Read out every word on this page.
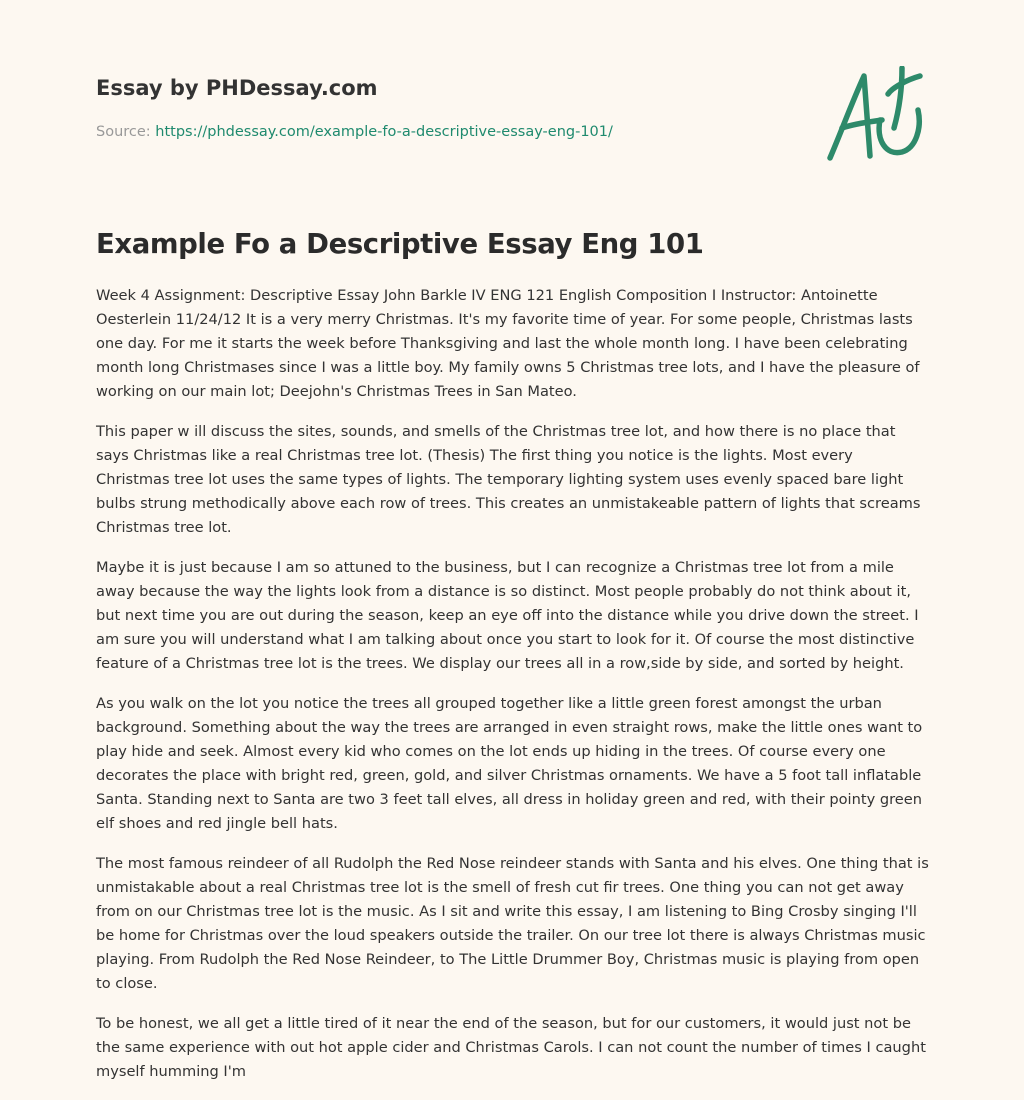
Essay by PHDessay.com
Source: https://phdessay.com/example-fo-a-descriptive-essay-eng-101/
Example Fo a Descriptive Essay Eng 101

Week 4 Assignment: Descriptive Essay John Barkle IV ENG 121 English Composition I Instructor: Antoinette Oesterlein 11/24/12 It is a very merry Christmas. It's my favorite time of year. For some people, Christmas lasts one day. For me it starts the week before Thanksgiving and last the whole month long. I have been celebrating month long Christmases since I was a little boy. My family owns 5 Christmas tree lots, and I have the pleasure of working on our main lot; Deejohn's Christmas Trees in San Mateo.

This paper w ill discuss the sites, sounds, and smells of the Christmas tree lot, and how there is no place that says Christmas like a real Christmas tree lot. (Thesis) The first thing you notice is the lights. Most every Christmas tree lot uses the same types of lights. The temporary lighting system uses evenly spaced bare light bulbs strung methodically above each row of trees. This creates an unmistakeable pattern of lights that screams Christmas tree lot.

Maybe it is just because I am so attuned to the business, but I can recognize a Christmas tree lot from a mile away because the way the lights look from a distance is so distinct. Most people probably do not think about it, but next time you are out during the season, keep an eye off into the distance while you drive down the street. I am sure you will understand what I am talking about once you start to look for it. Of course the most distinctive feature of a Christmas tree lot is the trees. We display our trees all in a row,side by side, and sorted by height.

As you walk on the lot you notice the trees all grouped together like a little green forest amongst the urban background. Something about the way the trees are arranged in even straight rows, make the little ones want to play hide and seek. Almost every kid who comes on the lot ends up hiding in the trees. Of course every one decorates the place with bright red, green, gold, and silver Christmas ornaments. We have a 5 foot tall inflatable Santa. Standing next to Santa are two 3 feet tall elves, all dress in holiday green and red, with their pointy green elf shoes and red jingle bell hats.

The most famous reindeer of all Rudolph the Red Nose reindeer stands with Santa and his elves. One thing that is unmistakable about a real Christmas tree lot is the smell of fresh cut fir trees. One thing you can not get away from on our Christmas tree lot is the music. As I sit and write this essay, I am listening to Bing Crosby singing I'll be home for Christmas over the loud speakers outside the trailer. On our tree lot there is always Christmas music playing. From Rudolph the Red Nose Reindeer, to The Little Drummer Boy, Christmas music is playing from open to close.

To be honest, we all get a little tired of it near the end of the season, but for our customers, it would just not be the same experience with out hot apple cider and Christmas Carols. I can not count the number of times I caught myself humming I'm
